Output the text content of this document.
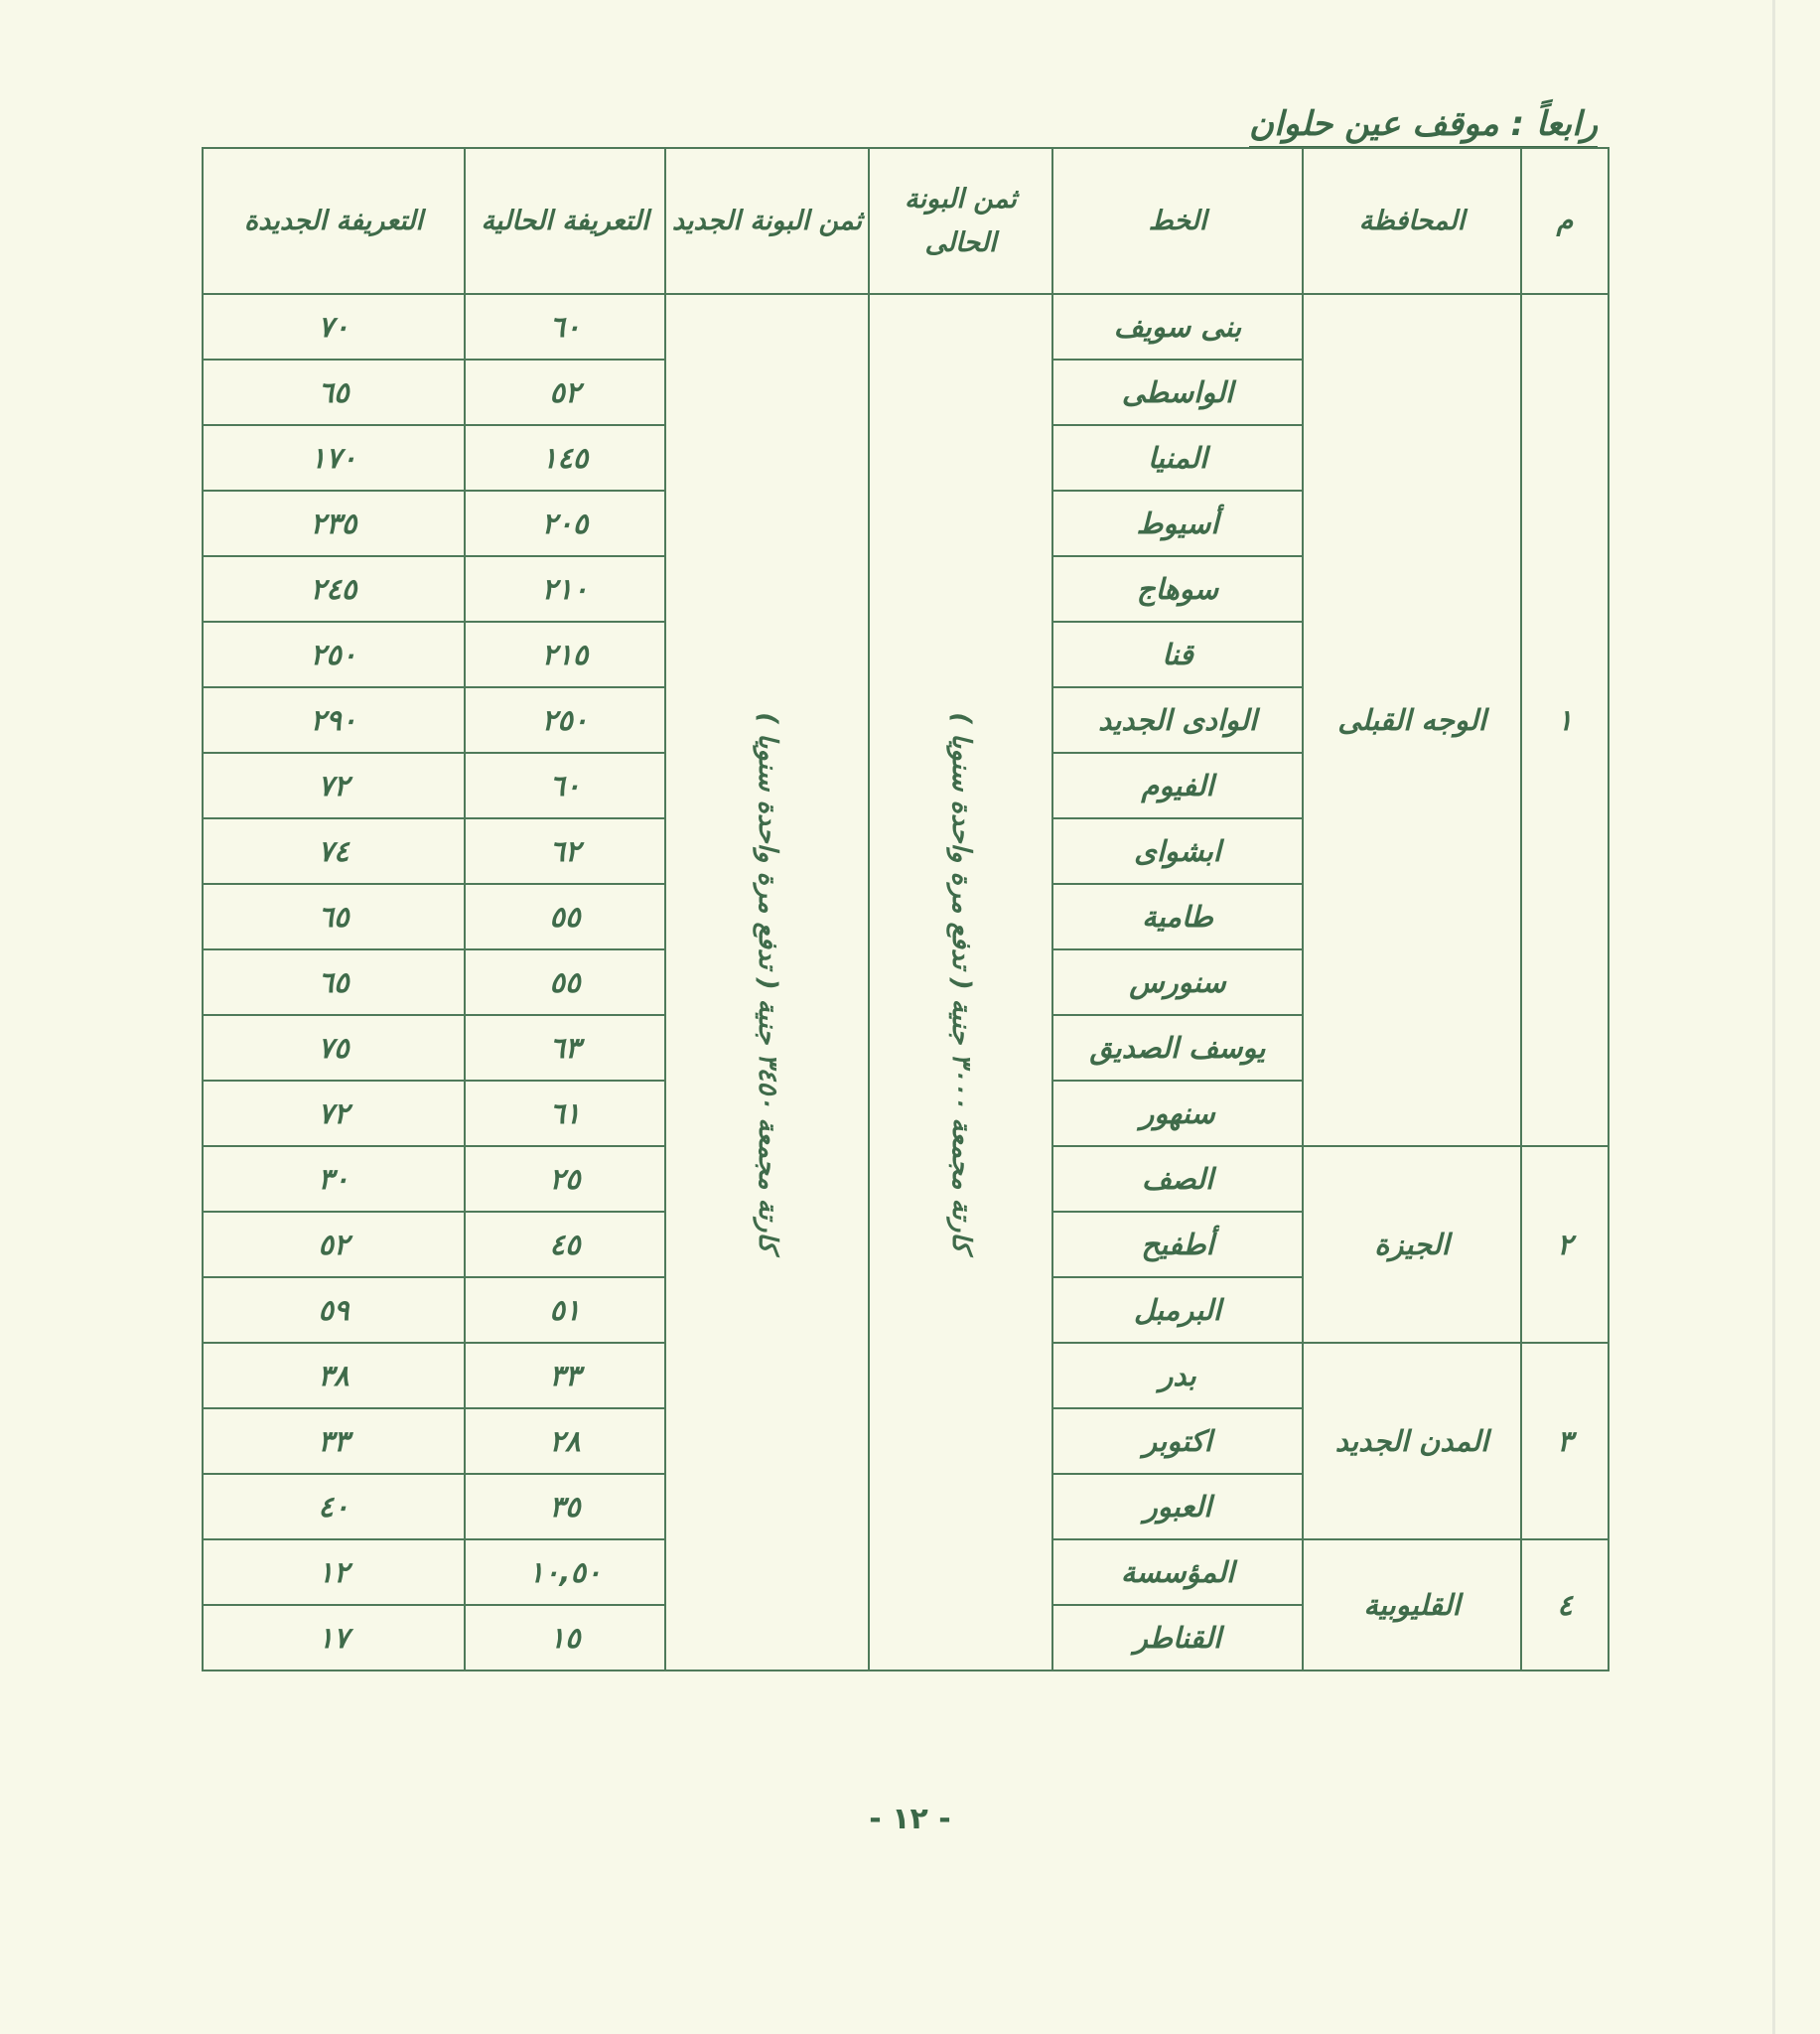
رابعاً : موقف عين حلوان
م	المحافظة	الخط	ثمن البونة الحالى	ثمن البونة الجديد	التعريفة الحالية	التعريفة الجديدة
١	الوجه القبلى	بنى سويف	كارتة مجمعة ٣٠٠٠ جنية ( تدفع مرة واحدة سنويا )	كارتة مجمعة ٣٤٥٠ جنية ( تدفع مرة واحدة سنويا )	٦٠	٧٠
		الواسطى			٥٢	٦٥
		المنيا			١٤٥	١٧٠
		أسيوط			٢٠٥	٢٣٥
		سوهاج			٢١٠	٢٤٥
		قنا			٢١٥	٢٥٠
		الوادى الجديد			٢٥٠	٢٩٠
		الفيوم			٦٠	٧٢
		ابشواى			٦٢	٧٤
		طامية			٥٥	٦٥
		سنورس			٥٥	٦٥
		يوسف الصديق			٦٣	٧٥
		سنهور			٦١	٧٢
٢	الجيزة	الصف			٢٥	٣٠
		أطفيح			٤٥	٥٢
		البرمبل			٥١	٥٩
٣	المدن الجديد	بدر			٣٣	٣٨
		اكتوبر			٢٨	٣٣
		العبور			٣٥	٤٠
٤	القليوبية	المؤسسة			١٠,٥٠	١٢
		القناطر			١٥	١٧
- ١٢ -
